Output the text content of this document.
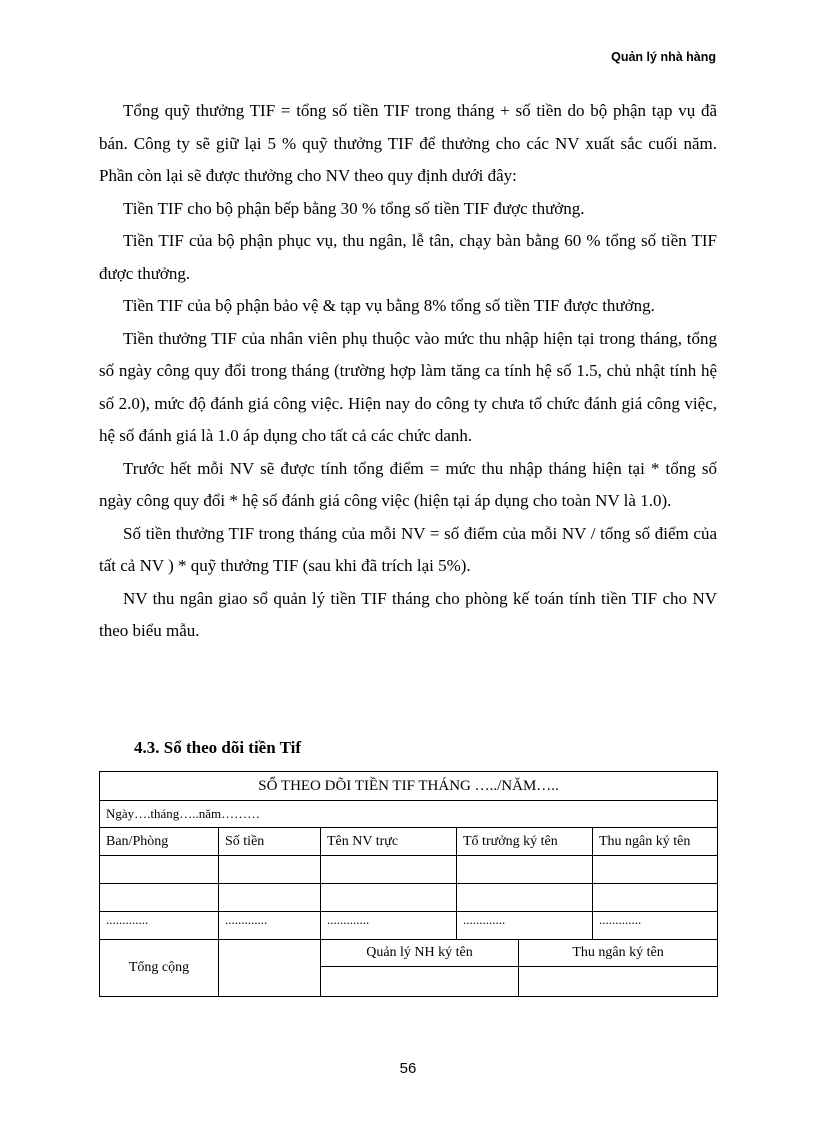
Quản lý nhà hàng

Tổng quỹ thưởng TIF = tổng số tiền TIF trong tháng + số tiền do bộ phận tạp vụ đã bán. Công ty sẽ giữ lại 5 % quỹ thưởng TIF để thưởng cho các NV xuất sắc cuối năm. Phần còn lại sẽ được thưởng cho NV theo quy định dưới đây:

Tiền TIF cho bộ phận bếp bằng 30 % tổng số tiền TIF được thưởng.

Tiền TIF của bộ phận phục vụ, thu ngân, lễ tân, chạy bàn bằng 60 % tổng số tiền TIF được thưởng.

Tiền TIF của bộ phận bảo vệ & tạp vụ bằng 8% tổng số tiền TIF được thưởng.

Tiền thưởng TIF của nhân viên phụ thuộc vào mức thu nhập hiện tại trong tháng, tổng số ngày công quy đổi trong tháng (trường hợp làm tăng ca tính hệ số 1.5, chủ nhật tính hệ số 2.0), mức độ đánh giá công việc. Hiện nay do công ty chưa tổ chức đánh giá công việc, hệ số đánh giá là 1.0 áp dụng cho tất cả các chức danh.

Trước hết mỗi NV sẽ được tính tổng điểm = mức thu nhập tháng hiện tại * tổng số ngày công quy đổi * hệ số đánh giá công việc (hiện tại áp dụng cho toàn NV là 1.0).

Số tiền thưởng TIF trong tháng của mỗi NV = số điểm của mỗi NV / tổng số điểm của tất cả NV ) * quỹ thưởng TIF (sau khi đã trích lại 5%).

NV thu ngân giao sổ quản lý tiền TIF tháng cho phòng kế toán tính tiền TIF cho NV theo biểu mẫu.

4.3. Sổ theo dõi tiền Tif
SỔ THEO DÕI TIỀN TIF THÁNG …../NĂM…..					
Ngày….tháng…..năm………					
Ban/Phòng	Số tiền	Tên NV trực	Tổ trưởng ký tên		Thu ngân ký tên

.............	.............	.............	.............		.............
Tổng cộng		Quản lý NH ký tên		Thu ngân ký tên	

56
